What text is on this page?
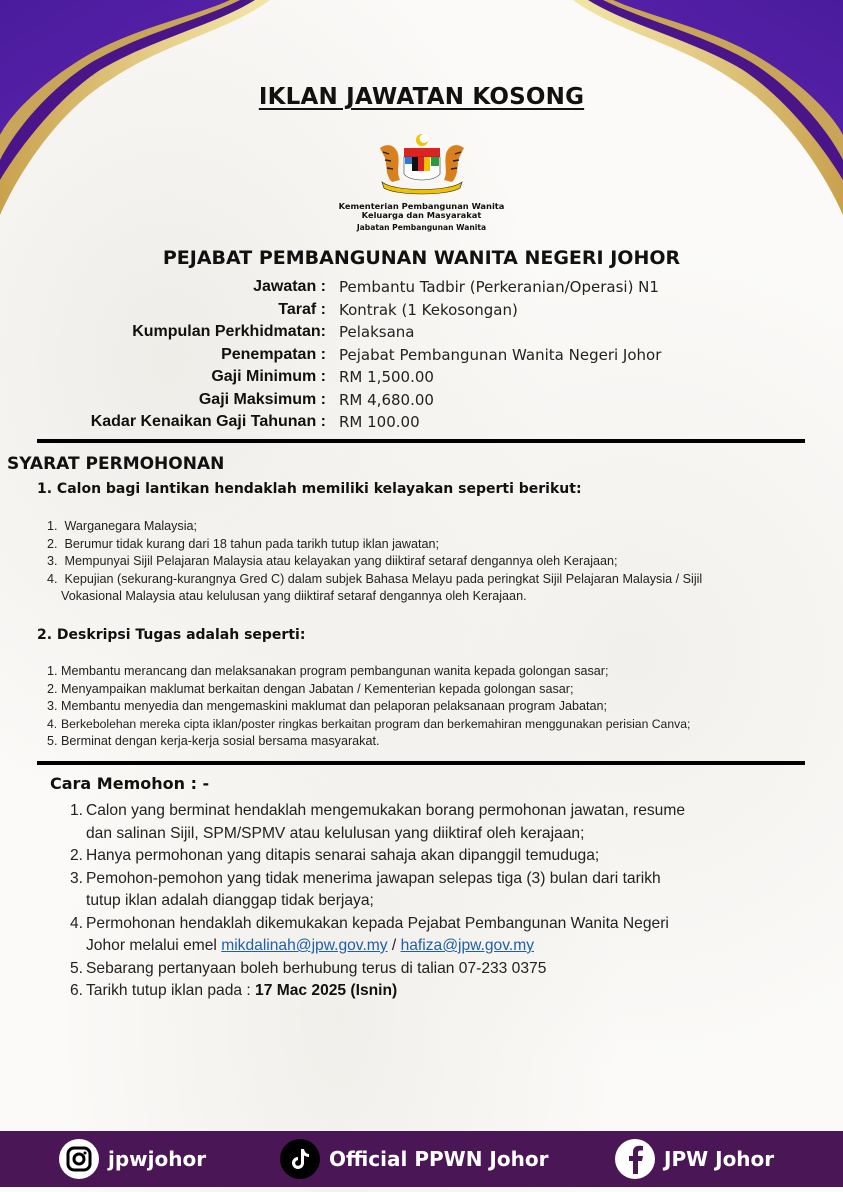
IKLAN JAWATAN KOSONG
Kementerian Pembangunan Wanita
Keluarga dan Masyarakat
Jabatan Pembangunan Wanita
PEJABAT PEMBANGUNAN WANITA NEGERI JOHOR
Jawatan : Pembantu Tadbir (Perkeranian/Operasi) N1
Taraf : Kontrak (1 Kekosongan)
Kumpulan Perkhidmatan: Pelaksana
Penempatan : Pejabat Pembangunan Wanita Negeri Johor
Gaji Minimum : RM 1,500.00
Gaji Maksimum : RM 4,680.00
Kadar Kenaikan Gaji Tahunan : RM 100.00
SYARAT PERMOHONAN
1. Calon bagi lantikan hendaklah memiliki kelayakan seperti berikut:
1. Warganegara Malaysia;
2. Berumur tidak kurang dari 18 tahun pada tarikh tutup iklan jawatan;
3. Mempunyai Sijil Pelajaran Malaysia atau kelayakan yang diiktiraf setaraf dengannya oleh Kerajaan;
4. Kepujian (sekurang-kurangnya Gred C) dalam subjek Bahasa Melayu pada peringkat Sijil Pelajaran Malaysia / Sijil
Vokasional Malaysia atau kelulusan yang diiktiraf setaraf dengannya oleh Kerajaan.
2. Deskripsi Tugas adalah seperti:
1. Membantu merancang dan melaksanakan program pembangunan wanita kepada golongan sasar;
2. Menyampaikan maklumat berkaitan dengan Jabatan / Kementerian kepada golongan sasar;
3. Membantu menyedia dan mengemaskini maklumat dan pelaporan pelaksanaan program Jabatan;
4. Berkebolehan mereka cipta iklan/poster ringkas berkaitan program dan berkemahiran menggunakan perisian Canva;
5. Berminat dengan kerja-kerja sosial bersama masyarakat.
Cara Memohon : -
1. Calon yang berminat hendaklah mengemukakan borang permohonan jawatan, resume
dan salinan Sijil, SPM/SPMV atau kelulusan yang diiktiraf oleh kerajaan;
2. Hanya permohonan yang ditapis senarai sahaja akan dipanggil temuduga;
3. Pemohon-pemohon yang tidak menerima jawapan selepas tiga (3) bulan dari tarikh
tutup iklan adalah dianggap tidak berjaya;
4. Permohonan hendaklah dikemukakan kepada Pejabat Pembangunan Wanita Negeri
Johor melalui emel mikdalinah@jpw.gov.my / hafiza@jpw.gov.my
5. Sebarang pertanyaan boleh berhubung terus di talian 07-233 0375
6. Tarikh tutup iklan pada : 17 Mac 2025 (Isnin)
jpwjohor	Official PPWN Johor	JPW Johor
